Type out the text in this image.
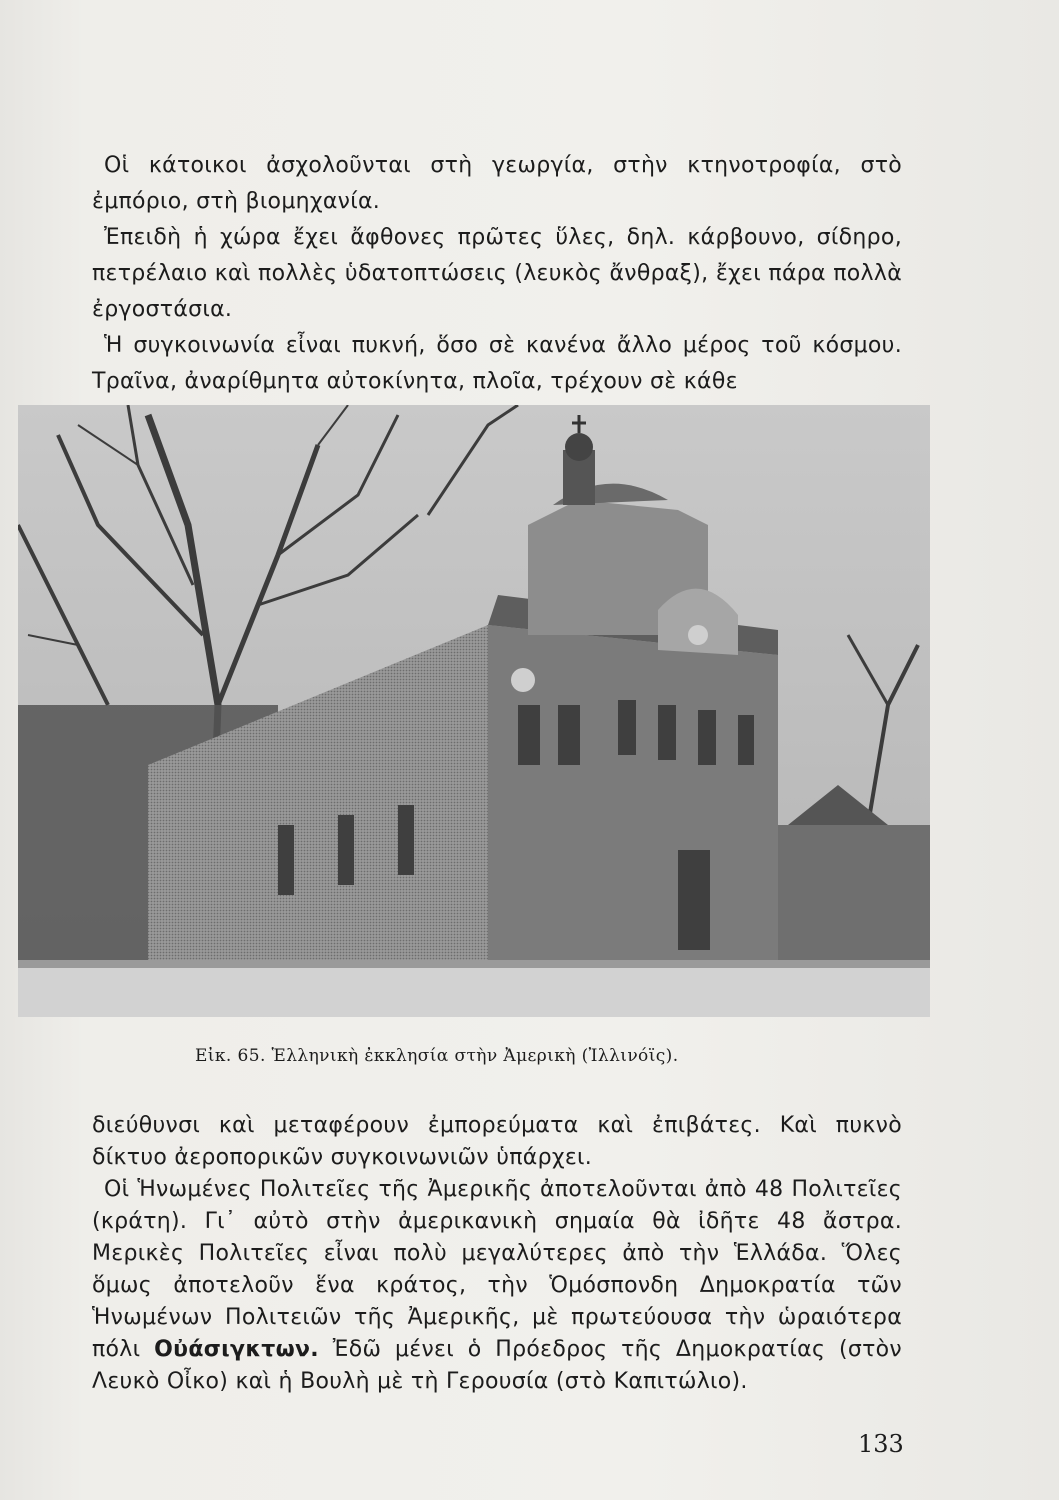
Οἱ κάτοικοι ἀσχολοῦνται στὴ γεωργία, στὴν κτηνοτροφία, στὸ ἐμπόριο, στὴ βιομηχανία.

Ἐπειδὴ ἡ χώρα ἔχει ἄφθονες πρῶτες ὕλες, δηλ. κάρβουνο, σίδηρο, πετρέλαιο καὶ πολλὲς ὑδατοπτώσεις (λευκὸς ἄνθραξ), ἔχει πάρα πολλὰ ἐργοστάσια.

Ἡ συγκοινωνία εἶναι πυκνή, ὅσο σὲ κανένα ἄλλο μέρος τοῦ κόσμου. Τραῖνα, ἀναρίθμητα αὐτοκίνητα, πλοῖα, τρέχουν σὲ κάθε

Εἰκ. 65. Ἑλληνικὴ ἐκκλησία στὴν Ἀμερικὴ (Ἰλλινόϊς).

διεύθυνσι καὶ μεταφέρουν ἐμπορεύματα καὶ ἐπιβάτες. Καὶ πυκνὸ δίκτυο ἀεροπορικῶν συγκοινωνιῶν ὑπάρχει.

Οἱ Ἡνωμένες Πολιτεῖες τῆς Ἀμερικῆς ἀποτελοῦνται ἀπὸ 48 Πολιτεῖες (κράτη). Γι᾿ αὐτὸ στὴν ἀμερικανικὴ σημαία θὰ ἰδῆτε 48 ἄστρα. Μερικὲς Πολιτεῖες εἶναι πολὺ μεγαλύτερες ἀπὸ τὴν Ἑλλάδα. Ὅλες ὅμως ἀποτελοῦν ἕνα κράτος, τὴν Ὁμόσπονδη Δημοκρατία τῶν Ἡνωμένων Πολιτειῶν τῆς Ἀμερικῆς, μὲ πρωτεύουσα τὴν ὡραιότερα πόλι Οὐάσιγκτων. Ἐδῶ μένει ὁ Πρόεδρος τῆς Δημοκρατίας (στὸν Λευκὸ Οἶκο) καὶ ἡ Βουλὴ μὲ τὴ Γερουσία (στὸ Καπιτώλιο).

133
